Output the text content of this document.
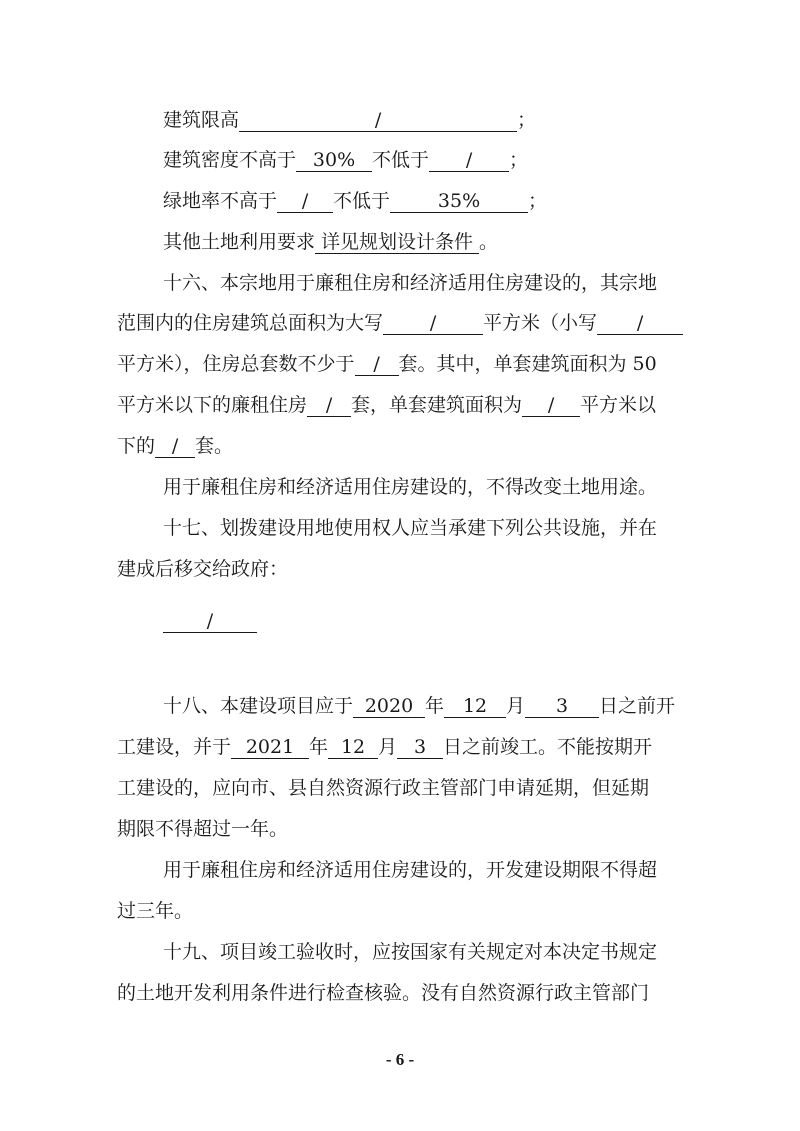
建筑限高	/	；
建筑密度不高于 30% 不低于 / ；
绿地率不高于 / 不低于	35%	；
其他土地利用要求 详见规划设计条件 。
十六、本宗地用于廉租住房和经济适用住房建设的，其宗地
范围内的住房建筑总面积为大写 / 平方米（小写 /
平方米），住房总套数不少于 / 套。其中，单套建筑面积为 50
平方米以下的廉租住房 / 套，单套建筑面积为 / 平方米以
下的 / 套。
用于廉租住房和经济适用住房建设的，不得改变土地用途。
十七、划拨建设用地使用权人应当承建下列公共设施，并在
建成后移交给政府：
/
十八、本建设项目应于 2020 年 12 月 3 日之前开
工建设，并于 2021 年 12 月 3 日之前竣工。不能按期开
工建设的，应向市、县自然资源行政主管部门申请延期，但延期
期限不得超过一年。
用于廉租住房和经济适用住房建设的，开发建设期限不得超
过三年。
十九、项目竣工验收时，应按国家有关规定对本决定书规定
的土地开发利用条件进行检查核验。没有自然资源行政主管部门
- 6 -
